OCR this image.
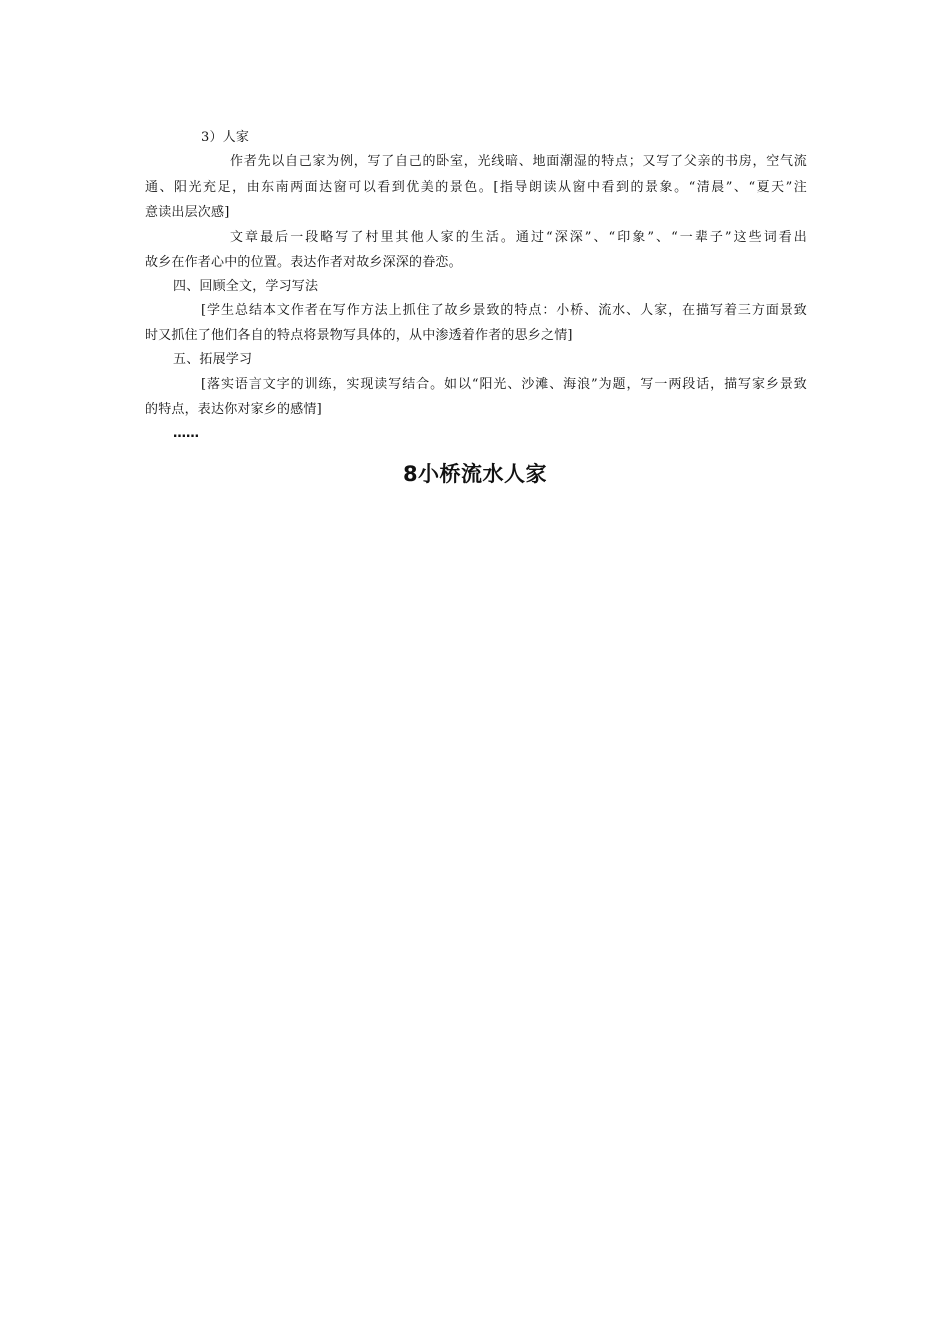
3）人家
作者先以自己家为例，写了自己的卧室，光线暗、地面潮湿的特点；又写了父亲的书房，空气流
通、阳光充足，由东南两面达窗可以看到优美的景色。[指导朗读从窗中看到的景象。“清晨”、“夏天”注
意读出层次感]
文章最后一段略写了村里其他人家的生活。通过“深深”、“印象”、“一辈子”这些词看出
故乡在作者心中的位置。表达作者对故乡深深的眷恋。
四、回顾全文，学习写法
[学生总结本文作者在写作方法上抓住了故乡景致的特点：小桥、流水、人家，在描写着三方面景致
时又抓住了他们各自的特点将景物写具体的，从中渗透着作者的思乡之情]
五、拓展学习
[落实语言文字的训练，实现读写结合。如以“阳光、沙滩、海浪”为题，写一两段话，描写家乡景致
的特点，表达你对家乡的感情]
……
8小桥流水人家
